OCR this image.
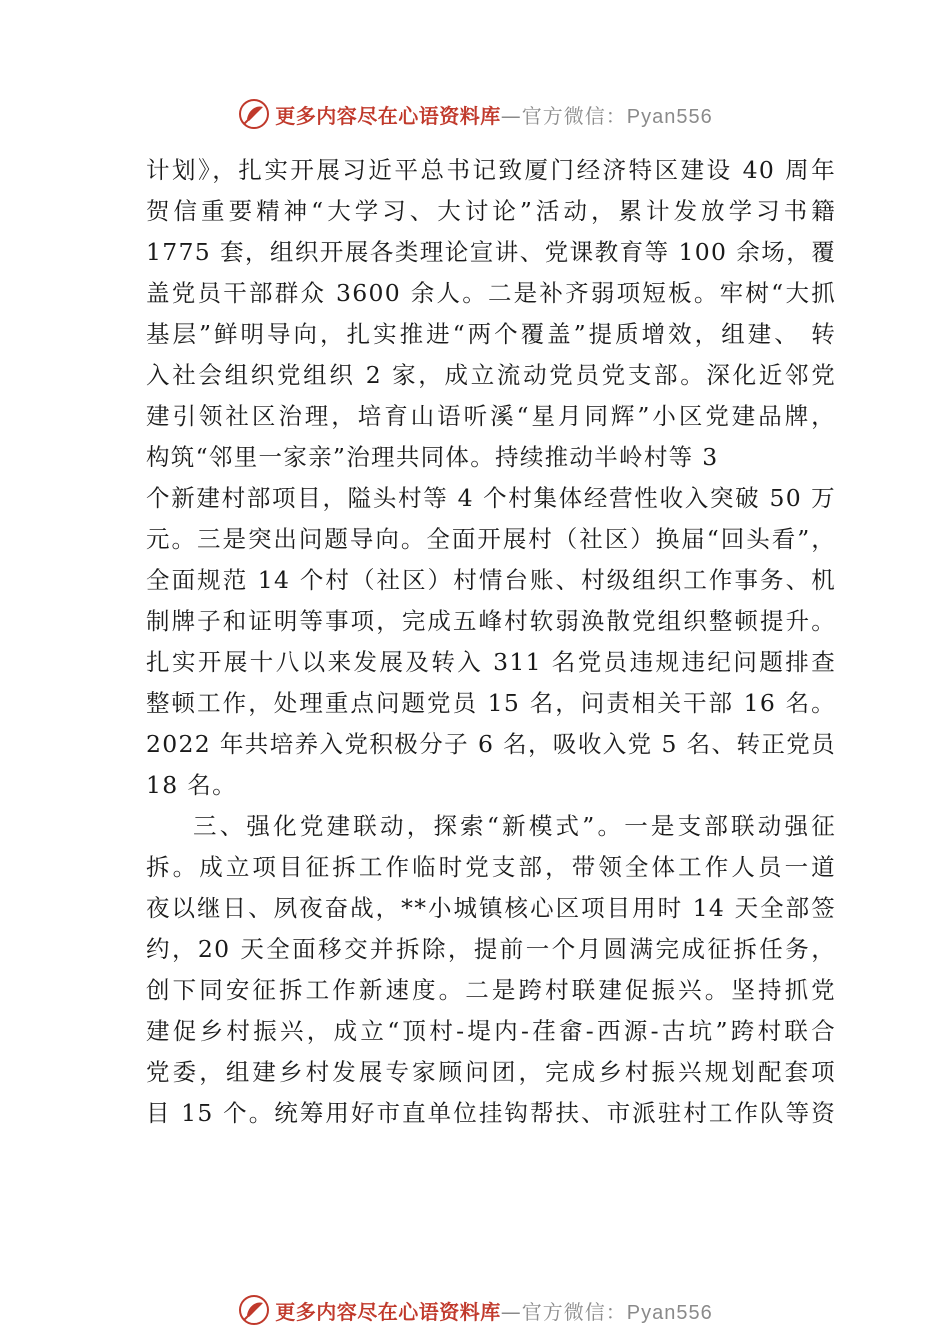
更多内容尽在心语资料库 —官方微信：Pyan556
计划》，扎实开展习近平总书记致厦门经济特区建设 40 周年
贺信重要精神“大学习、大讨论”活动，累计发放学习书籍
1775 套，组织开展各类理论宣讲、党课教育等 100 余场，覆
盖党员干部群众 3600 余人。二是补齐弱项短板。牢树“大抓
基层”鲜明导向，扎实推进“两个覆盖”提质增效，组建、 转
入社会组织党组织 2 家，成立流动党员党支部。深化近邻党
建引领社区治理，培育山语听溪“星月同辉”小区党建品牌，
构筑“邻里一家亲”治理共同体。持续推动半岭村等 3
个新建村部项目，隘头村等 4 个村集体经营性收入突破 50 万
元。三是突出问题导向。全面开展村（社区）换届“回头看”，
全面规范 14 个村（社区）村情台账、村级组织工作事务、机
制牌子和证明等事项，完成五峰村软弱涣散党组织整顿提升。
扎实开展十八以来发展及转入 311 名党员违规违纪问题排查
整顿工作，处理重点问题党员 15 名，问责相关干部 16 名。
2022 年共培养入党积极分子 6 名，吸收入党 5 名、转正党员
18 名。
三、强化党建联动，探索“新模式”。一是支部联动强征
拆。成立项目征拆工作临时党支部，带领全体工作人员一道
夜以继日、夙夜奋战，**小城镇核心区项目用时 14 天全部签
约，20 天全面移交并拆除，提前一个月圆满完成征拆任务，
创下同安征拆工作新速度。二是跨村联建促振兴。坚持抓党
建促乡村振兴，成立“顶村-堤内-荏畲-西源-古坑”跨村联合
党委，组建乡村发展专家顾问团，完成乡村振兴规划配套项
目 15 个。统筹用好市直单位挂钩帮扶、市派驻村工作队等资
更多内容尽在心语资料库 —官方微信：Pyan556
